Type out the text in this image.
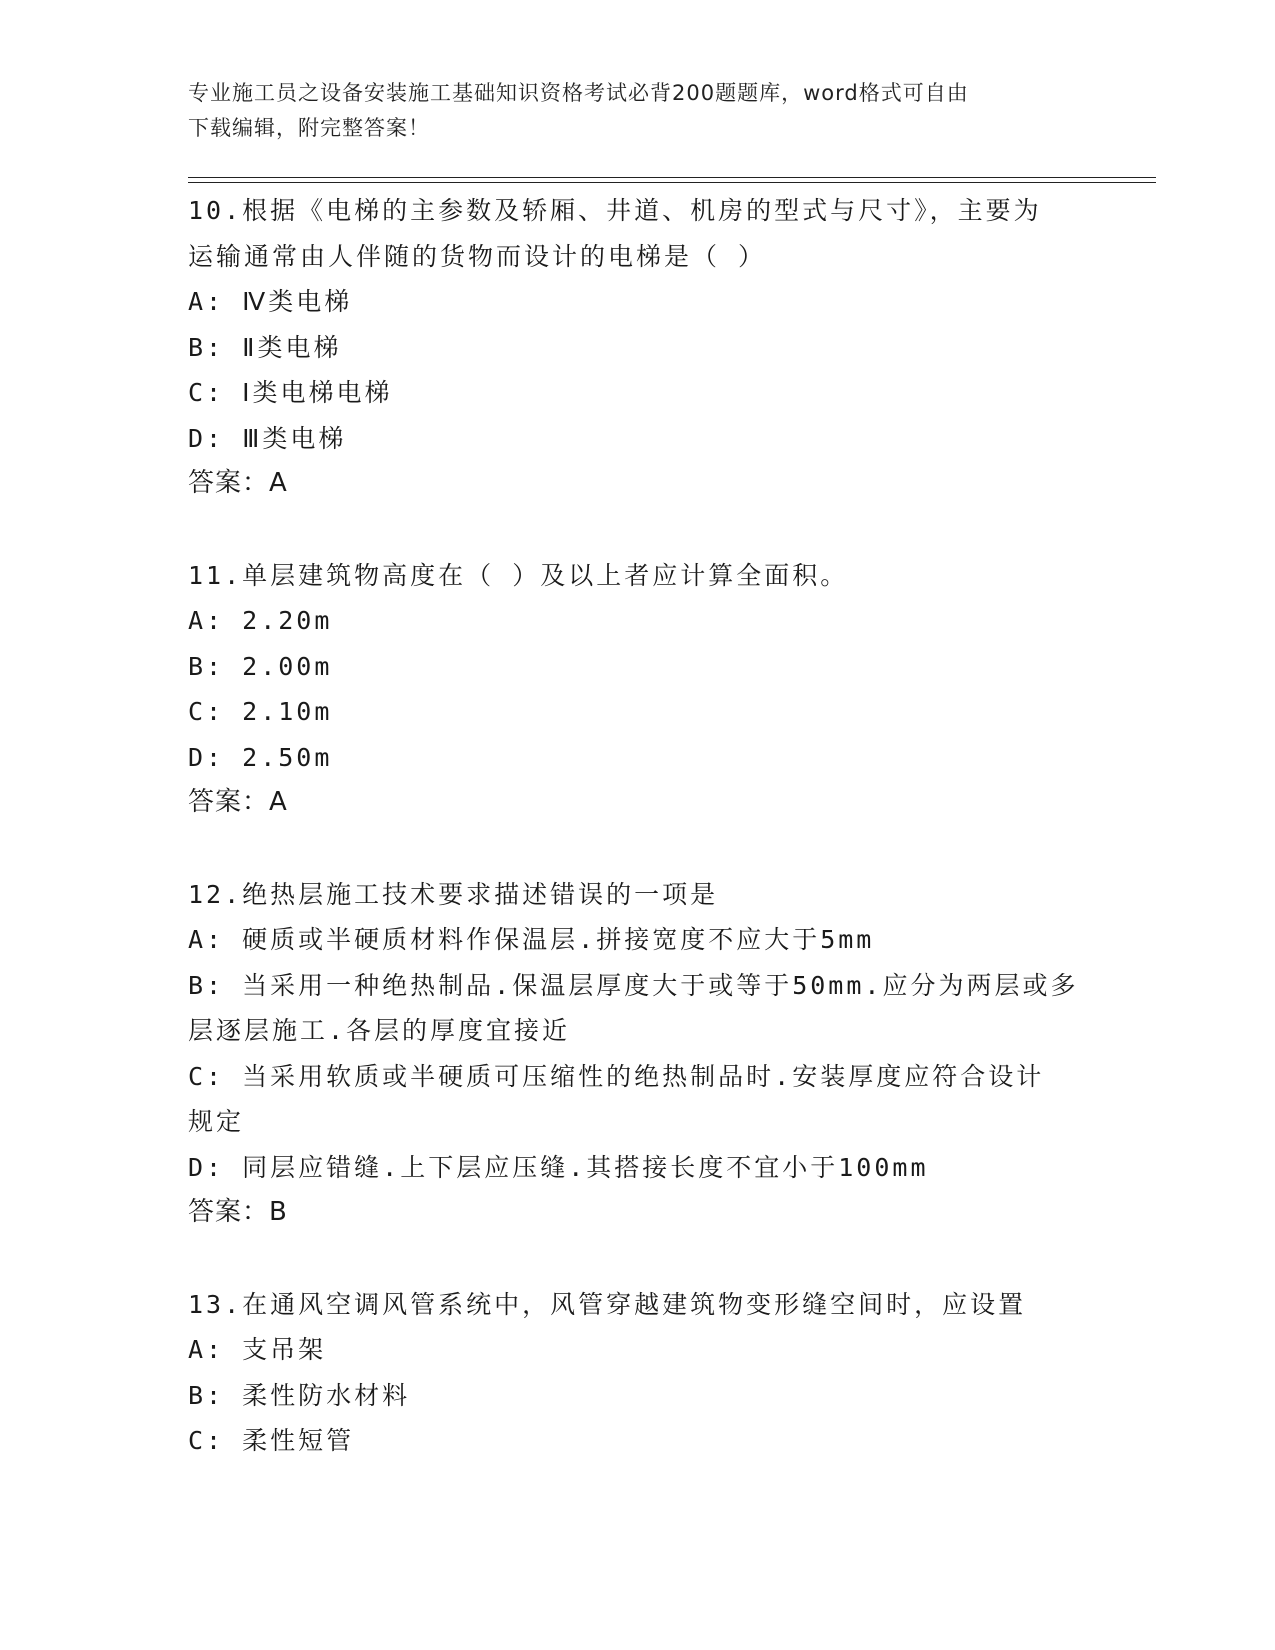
专业施工员之设备安装施工基础知识资格考试必背200题题库，word格式可自由
下载编辑，附完整答案！
10.根据《电梯的主参数及轿厢、井道、机房的型式与尺寸》，主要为
运输通常由人伴随的货物而设计的电梯是（ ）
A: Ⅳ类电梯
B: Ⅱ类电梯
C: Ⅰ类电梯电梯
D: Ⅲ类电梯
答案：A
11.单层建筑物高度在（ ）及以上者应计算全面积。
A: 2.20m
B: 2.00m
C: 2.10m
D: 2.50m
答案：A
12.绝热层施工技术要求描述错误的一项是
A: 硬质或半硬质材料作保温层.拼接宽度不应大于5mm
B: 当采用一种绝热制品.保温层厚度大于或等于50mm.应分为两层或多
层逐层施工.各层的厚度宜接近
C: 当采用软质或半硬质可压缩性的绝热制品时.安装厚度应符合设计
规定
D: 同层应错缝.上下层应压缝.其搭接长度不宜小于100mm
答案：B
13.在通风空调风管系统中，风管穿越建筑物变形缝空间时，应设置
A: 支吊架
B: 柔性防水材料
C: 柔性短管
